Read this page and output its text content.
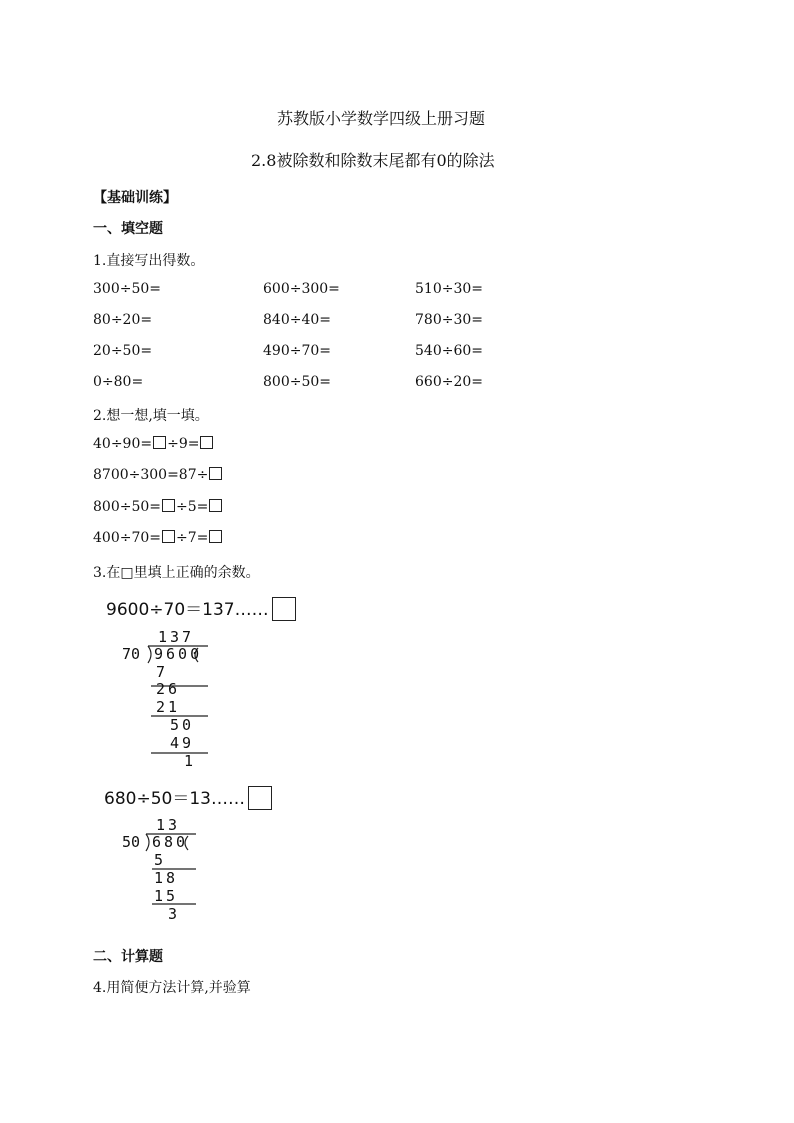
苏教版小学数学四级上册习题
2.8被除数和除数末尾都有0的除法
【基础训练】
一、填空题
1.直接写出得数。
300÷50=	600÷300=	510÷30=
80÷20=	840÷40=	780÷30=
20÷50=	490÷70=	540÷60=
0÷80=	800÷50=	660÷20=
2.想一想,填一填。
40÷90= ÷9=
8700÷300=87÷
800÷50= ÷5=
400÷70= ÷7=
3.在□里填上正确的余数。
9600÷70＝137……
137
70 9600
7
26
21
50
49
1
680÷50＝13……
13
50 680
5
18
15
3
二、计算题
4.用简便方法计算,并验算
